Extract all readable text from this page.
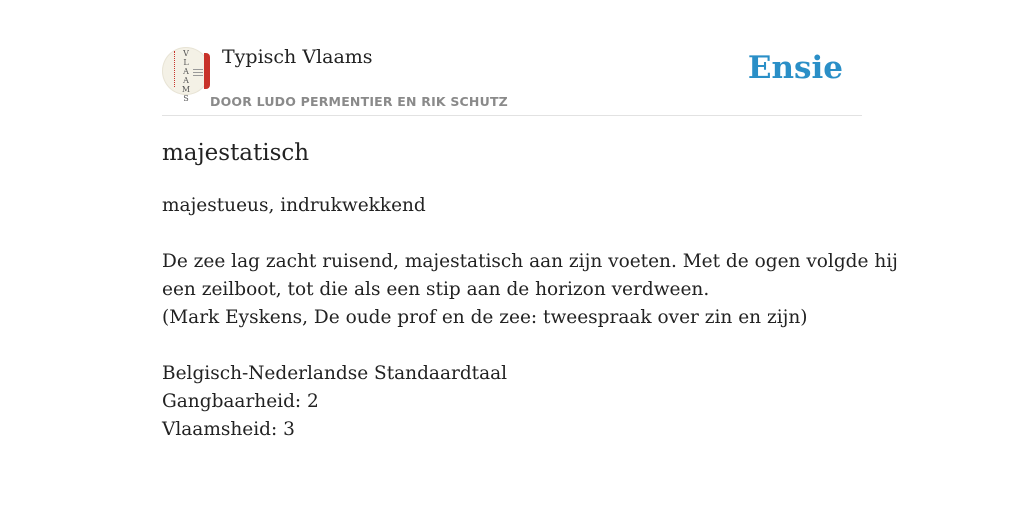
V
L
A
A
M
S
Typisch Vlaams
DOOR LUDO PERMENTIER EN RIK SCHUTZ
Ensie
majestatisch
majestueus, indrukwekkend
De zee lag zacht ruisend, majestatisch aan zijn voeten. Met de ogen volgde hij
een zeilboot, tot die als een stip aan de horizon verdween.
(Mark Eyskens, De oude prof en de zee: tweespraak over zin en zijn)
Belgisch-Nederlandse Standaardtaal
Gangbaarheid: 2
Vlaamsheid: 3
